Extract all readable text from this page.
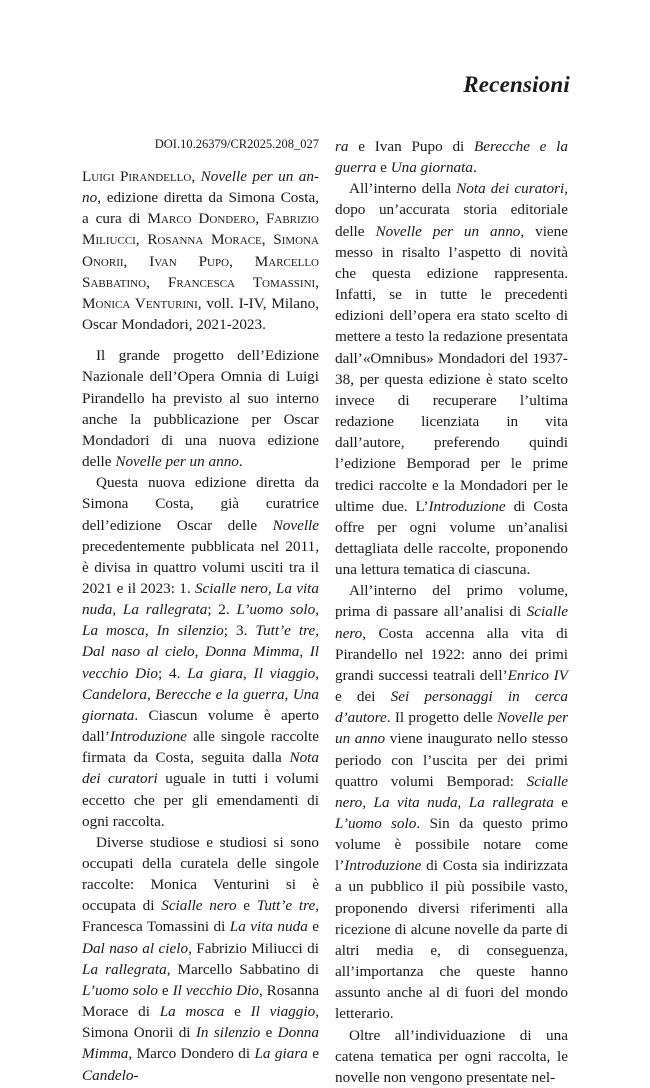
Recensioni
DOI.10.26379/CR2025.208_027

Luigi Pirandello, Novelle per un an-no, edizione diretta da Simona Costa, a cura di Marco Dondero, Fabrizio Miliucci, Rosanna Morace, Simona Onorii, Ivan Pupo, Marcello Sabbatino, Francesca Tomassini, Monica Venturini, voll. I-IV, Milano, Oscar Mondadori, 2021-2023.

Il grande progetto dell’Edizione Nazionale dell’Opera Omnia di Luigi Pirandello ha previsto al suo interno anche la pubblicazione per Oscar Mondadori di una nuova edizione delle Novelle per un anno.

Questa nuova edizione diretta da Simona Costa, già curatrice dell’edizione Oscar delle Novelle precedentemente pubblicata nel 2011, è divisa in quattro volumi usciti tra il 2021 e il 2023: 1. Scialle nero, La vita nuda, La rallegrata; 2. L’uomo solo, La mosca, In silenzio; 3. Tutt’e tre, Dal naso al cielo, Donna Mimma, Il vecchio Dio; 4. La giara, Il viaggio, Candelora, Berecche e la guerra, Una giornata. Ciascun volume è aperto dall’Introduzione alle singole raccolte firmata da Costa, seguita dalla Nota dei curatori uguale in tutti i volumi eccetto che per gli emendamenti di ogni raccolta.

Diverse studiose e studiosi si sono occupati della curatela delle singole raccolte: Monica Venturini si è occupata di Scialle nero e Tutt’e tre, Francesca Tomassini di La vita nuda e Dal naso al cielo, Fabrizio Miliucci di La rallegrata, Marcello Sabbatino di L’uomo solo e Il vecchio Dio, Rosanna Morace di La mosca e Il viaggio, Simona Onorii di In silenzio e Donna Mimma, Marco Dondero di La giara e Candelo-

ra e Ivan Pupo di Berecche e la guerra e Una giornata.

All’interno della Nota dei curatori, dopo un’accurata storia editoriale delle Novelle per un anno, viene messo in risalto l’aspetto di novità che questa edizione rappresenta. Infatti, se in tutte le precedenti edizioni dell’opera era stato scelto di mettere a testo la redazione presentata dall’«Omnibus» Mondadori del 1937-38, per questa edizione è stato scelto invece di recuperare l’ultima redazione licenziata in vita dall’autore, preferendo quindi l’edizione Bemporad per le prime tredici raccolte e la Mondadori per le ultime due. L’Introduzione di Costa offre per ogni volume un’analisi dettagliata delle raccolte, proponendo una lettura tematica di ciascuna.

All’interno del primo volume, prima di passare all’analisi di Scialle nero, Costa accenna alla vita di Pirandello nel 1922: anno dei primi grandi successi teatrali dell’Enrico IV e dei Sei personaggi in cerca d’autore. Il progetto delle Novelle per un anno viene inaugurato nello stesso periodo con l’uscita per dei primi quattro volumi Bemporad: Scialle nero, La vita nuda, La rallegrata e L’uomo solo. Sin da questo primo volume è possibile notare come l’Introduzione di Costa sia indirizzata a un pubblico il più possibile vasto, proponendo diversi riferimenti alla ricezione di alcune novelle da parte di altri media e, di conseguenza, all’importanza che queste hanno assunto anche al di fuori del mondo letterario.

Oltre all’individuazione di una catena tematica per ogni raccolta, le novelle non vengono presentate nel-
